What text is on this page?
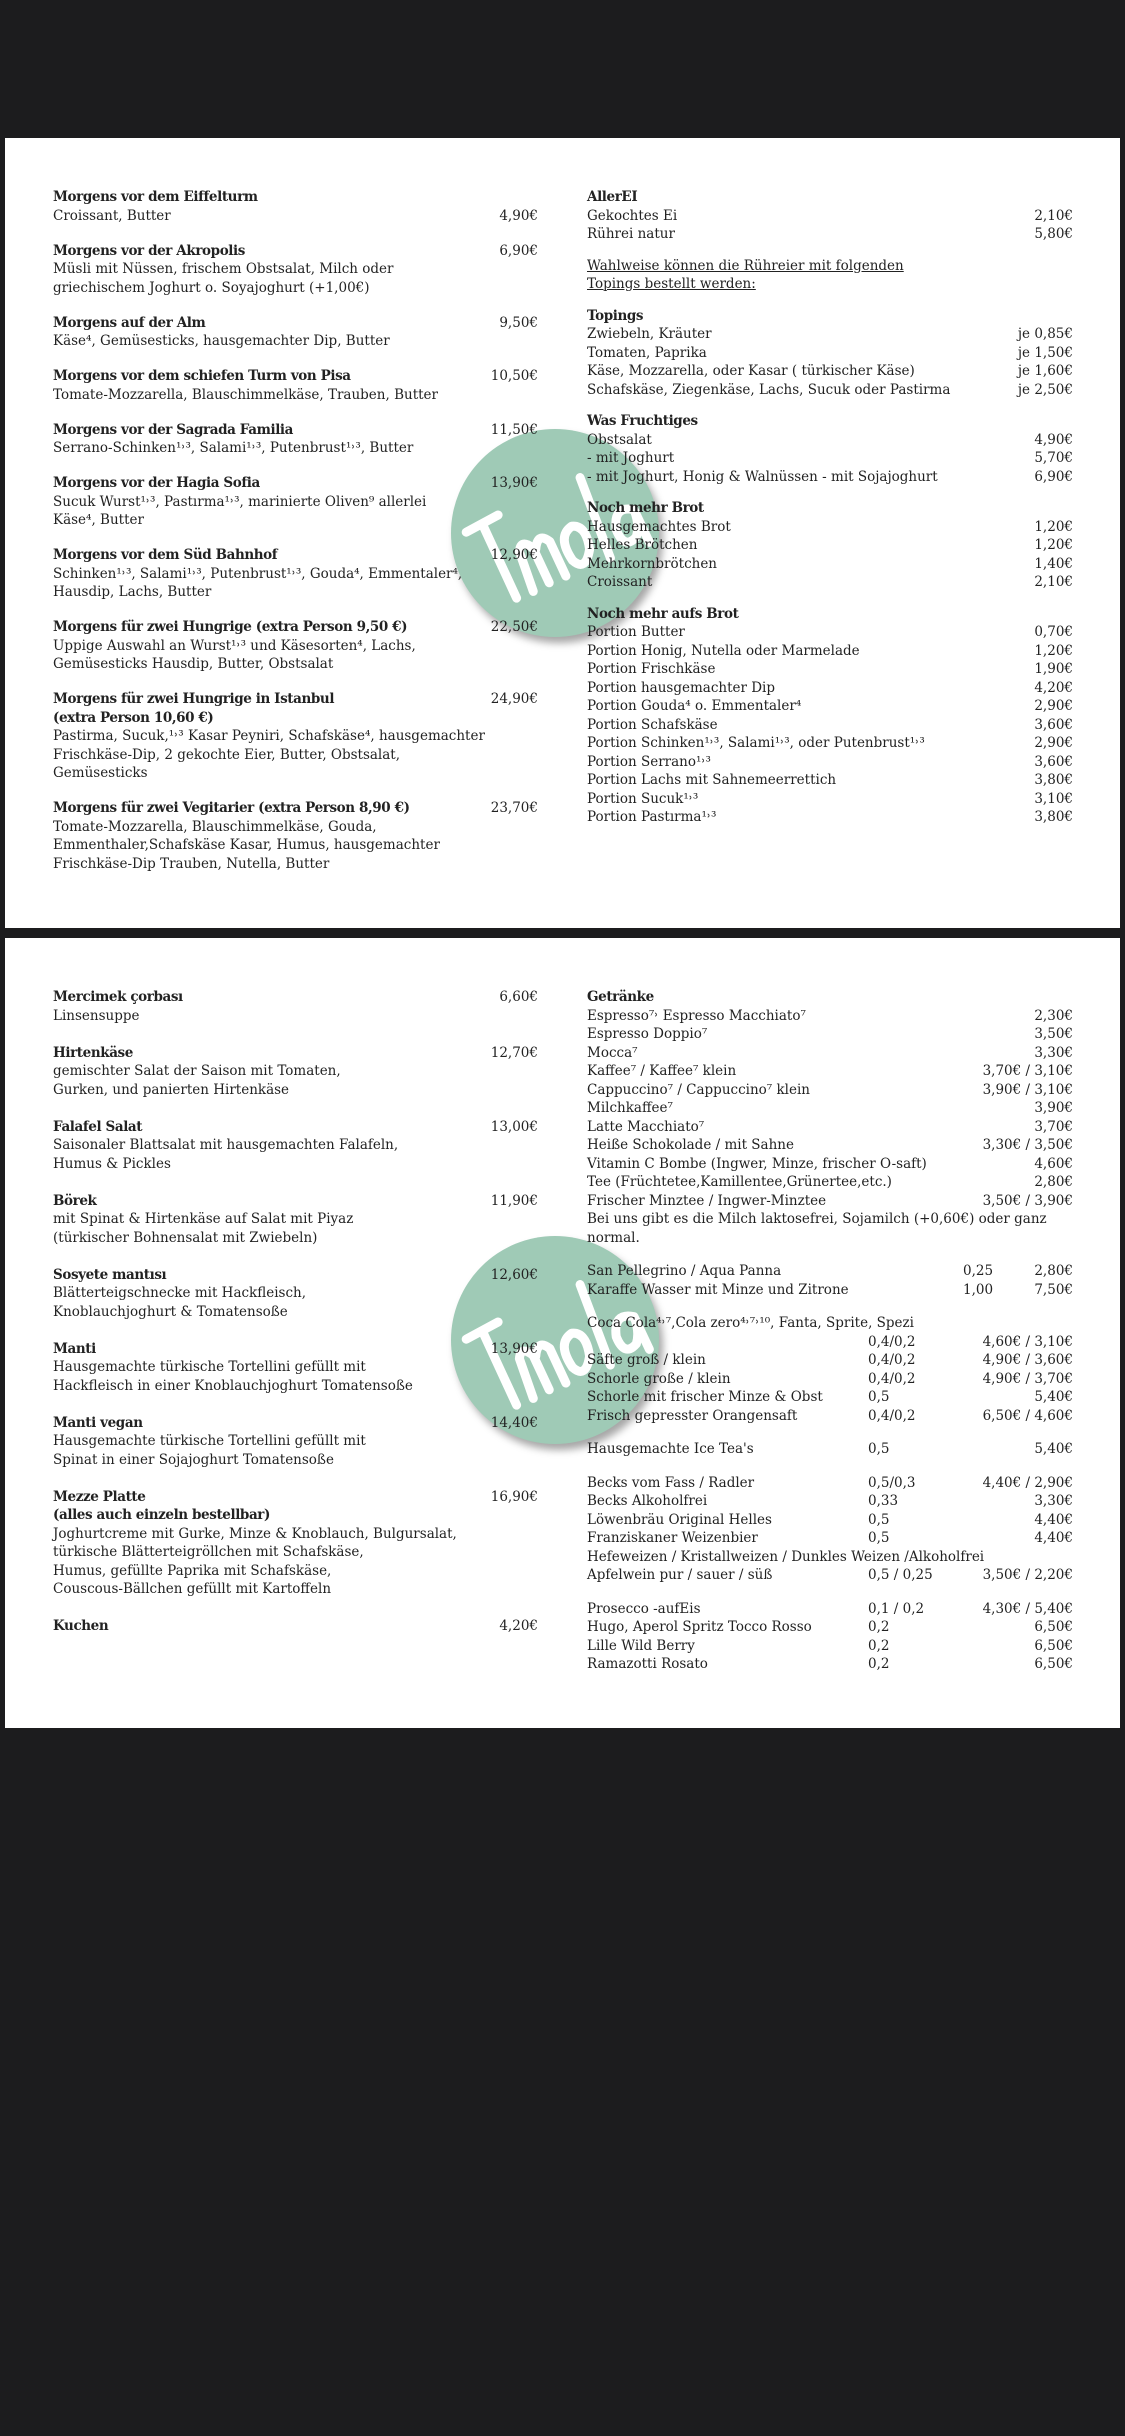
Morgens vor dem Eiffelturm
Croissant, Butter	4,90€
Morgens vor der Akropolis	6,90€
Müsli mit Nüssen, frischem Obstsalat, Milch oder
griechischem Joghurt o. Soyajoghurt (+1,00€)
Morgens auf der Alm	9,50€
Käse⁴, Gemüsesticks, hausgemachter Dip, Butter
Morgens vor dem schiefen Turm von Pisa	10,50€
Tomate-Mozzarella, Blauschimmelkäse, Trauben, Butter
Morgens vor der Sagrada Familia	11,50€
Serrano-Schinken¹˒³, Salami¹˒³, Putenbrust¹˒³, Butter
Morgens vor der Hagia Sofia	13,90€
Sucuk Wurst¹˒³, Pastırma¹˒³, marinierte Oliven⁹ allerlei
Käse⁴, Butter
Morgens vor dem Süd Bahnhof	12,90€
Schinken¹˒³, Salami¹˒³, Putenbrust¹˒³, Gouda⁴, Emmentaler⁴,
Hausdip, Lachs, Butter
Morgens für zwei Hungrige (extra Person 9,50 €)	22,50€
Uppige Auswahl an Wurst¹˒³ und Käsesorten⁴, Lachs,
Gemüsesticks Hausdip, Butter, Obstsalat
Morgens für zwei Hungrige in Istanbul	24,90€
(extra Person 10,60 €)
Pastirma, Sucuk,¹˒³ Kasar Peyniri, Schafskäse⁴, hausgemachter
Frischkäse-Dip, 2 gekochte Eier, Butter, Obstsalat,
Gemüsesticks
Morgens für zwei Vegitarier (extra Person 8,90 €)	23,70€
Tomate-Mozzarella, Blauschimmelkäse, Gouda,
Emmenthaler,Schafskäse Kasar, Humus, hausgemachter
Frischkäse-Dip Trauben, Nutella, Butter
AllerEI
Gekochtes Ei	2,10€
Rührei natur	5,80€
Wahlweise können die Rühreier mit folgenden
Topings bestellt werden:
Topings
Zwiebeln, Kräuter	je 0,85€
Tomaten, Paprika	je 1,50€
Käse, Mozzarella, oder Kasar ( türkischer Käse)	je 1,60€
Schafskäse, Ziegenkäse, Lachs, Sucuk oder Pastirma	je 2,50€
Was Fruchtiges
Obstsalat	4,90€
- mit Joghurt	5,70€
- mit Joghurt, Honig & Walnüssen - mit Sojajoghurt	6,90€
Noch mehr Brot
Hausgemachtes Brot	1,20€
Helles Brötchen	1,20€
Mehrkornbrötchen	1,40€
Croissant	2,10€
Noch mehr aufs Brot
Portion Butter	0,70€
Portion Honig, Nutella oder Marmelade	1,20€
Portion Frischkäse	1,90€
Portion hausgemachter Dip	4,20€
Portion Gouda⁴ o. Emmentaler⁴	2,90€
Portion Schafskäse	3,60€
Portion Schinken¹˒³, Salami¹˒³, oder Putenbrust¹˒³	2,90€
Portion Serrano¹˒³	3,60€
Portion Lachs mit Sahnemeerrettich	3,80€
Portion Sucuk¹˒³	3,10€
Portion Pastırma¹˒³	3,80€
Mercimek çorbası	6,60€
Linsensuppe
Hirtenkäse	12,70€
gemischter Salat der Saison mit Tomaten,
Gurken, und panierten Hirtenkäse
Falafel Salat	13,00€
Saisonaler Blattsalat mit hausgemachten Falafeln,
Humus & Pickles
Börek	11,90€
mit Spinat & Hirtenkäse auf Salat mit Piyaz
(türkischer Bohnensalat mit Zwiebeln)
Sosyete mantısı	12,60€
Blätterteigschnecke mit Hackfleisch,
Knoblauchjoghurt & Tomatensoße
Manti	13,90€
Hausgemachte türkische Tortellini gefüllt mit
Hackfleisch in einer Knoblauchjoghurt Tomatensoße
Manti vegan	14,40€
Hausgemachte türkische Tortellini gefüllt mit
Spinat in einer Sojajoghurt Tomatensoße
Mezze Platte	16,90€
(alles auch einzeln bestellbar)
Joghurtcreme mit Gurke, Minze & Knoblauch, Bulgursalat,
türkische Blätterteigröllchen mit Schafskäse,
Humus, gefüllte Paprika mit Schafskäse,
Couscous-Bällchen gefüllt mit Kartoffeln
Kuchen	4,20€
Getränke
Espresso⁷˒ Espresso Macchiato⁷	2,30€
Espresso Doppio⁷	3,50€
Mocca⁷	3,30€
Kaffee⁷ / Kaffee⁷ klein	3,70€ / 3,10€
Cappuccino⁷ / Cappuccino⁷ klein	3,90€ / 3,10€
Milchkaffee⁷	3,90€
Latte Macchiato⁷	3,70€
Heiße Schokolade / mit Sahne	3,30€ / 3,50€
Vitamin C Bombe (Ingwer, Minze, frischer O-saft)	4,60€
Tee (Früchtetee,Kamillentee,Grünertee,etc.)	2,80€
Frischer Minztee / Ingwer-Minztee	3,50€ / 3,90€
Bei uns gibt es die Milch laktosefrei, Sojamilch (+0,60€) oder ganz normal.
San Pellegrino / Aqua Panna	0,25	2,80€
Karaffe Wasser mit Minze und Zitrone	1,00	7,50€
Coca Cola⁴˒⁷,Cola zero⁴˒⁷˒¹⁰, Fanta, Sprite, Spezi
0,4/0,2	4,60€ / 3,10€
Säfte groß / klein	0,4/0,2	4,90€ / 3,60€
Schorle große / klein	0,4/0,2	4,90€ / 3,70€
Schorle mit frischer Minze & Obst	0,5	5,40€
Frisch gepresster Orangensaft	0,4/0,2	6,50€ / 4,60€
Hausgemachte Ice Tea's	0,5	5,40€
Becks vom Fass / Radler	0,5/0,3	4,40€ / 2,90€
Becks Alkoholfrei	0,33	3,30€
Löwenbräu Original Helles	0,5	4,40€
Franziskaner Weizenbier	0,5	4,40€
Hefeweizen / Kristallweizen / Dunkles Weizen /Alkoholfrei
Apfelwein pur / sauer / süß	0,5 / 0,25	3,50€ / 2,20€
Prosecco -aufEis	0,1 / 0,2	4,30€ / 5,40€
Hugo, Aperol Spritz Tocco Rosso	0,2	6,50€
Lille Wild Berry	0,2	6,50€
Ramazotti Rosato	0,2	6,50€
